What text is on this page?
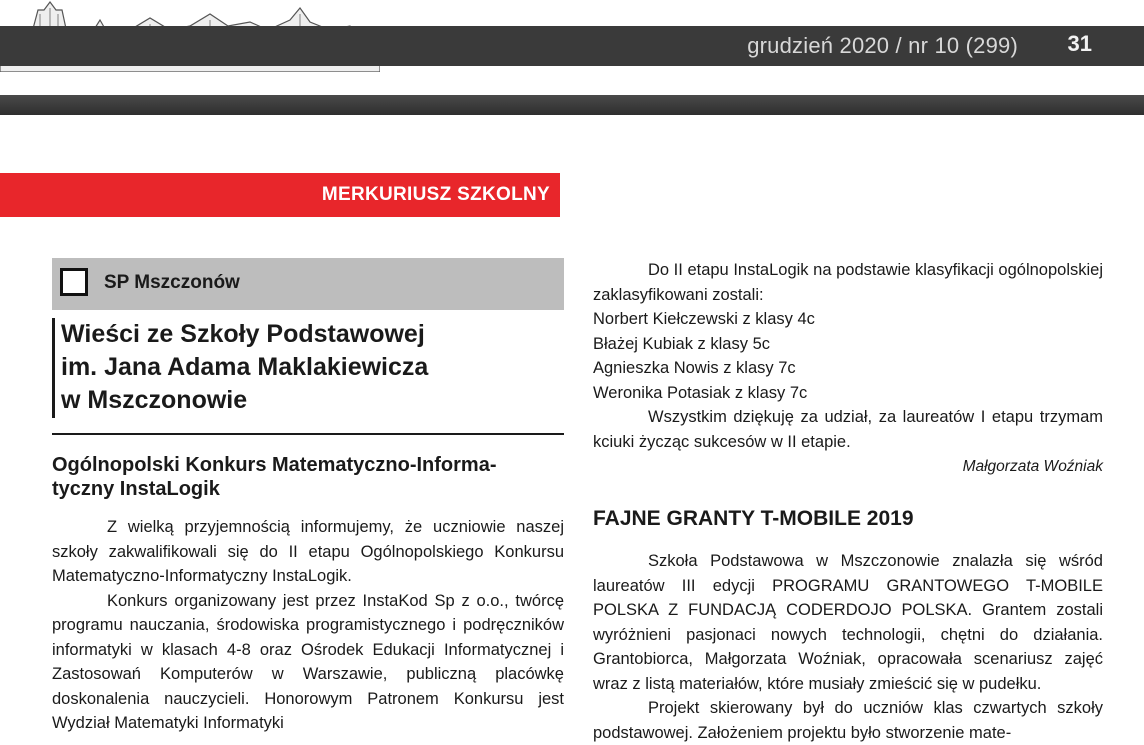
grudzień 2020 / nr 10 (299) 31
MERKURIUSZ SZKOLNY
SP Mszczonów
Wieści ze Szkoły Podstawowej
im. Jana Adama Maklakiewicza
w Mszczonowie
Ogólnopolski Konkurs Matematyczno-Informa-
tyczny InstaLogik

Z wielką przyjemnością informujemy, że uczniowie naszej szkoły zakwalifikowali się do II etapu Ogólnopolskiego Konkursu Matematyczno-Informatyczny InstaLogik.

Konkurs organizowany jest przez InstaKod Sp z o.o., twórcę programu nauczania, środowiska programistycznego i podręczników informatyki w klasach 4-8 oraz Ośrodek Edukacji Informatycznej i Zastosowań Komputerów w Warszawie, publiczną placówkę doskonalenia nauczycieli. Honorowym Patronem Konkursu jest Wydział Matematyki Informatyki

Do II etapu InstaLogik na podstawie klasyfikacji ogólnopolskiej zaklasyfikowani zostali:

Norbert Kiełczewski z klasy 4c
Błażej Kubiak z klasy 5c
Agnieszka Nowis z klasy 7c
Weronika Potasiak z klasy 7c

Wszystkim dziękuję za udział, za laureatów I etapu trzymam kciuki życząc sukcesów w II etapie.

Małgorzata Woźniak
FAJNE GRANTY T-MOBILE 2019

Szkoła Podstawowa w Mszczonowie znalazła się wśród laureatów III edycji PROGRAMU GRANTOWEGO T-MOBILE POLSKA Z FUNDACJĄ CODERDOJO POLSKA. Grantem zostali wyróżnieni pasjonaci nowych technologii, chętni do działania. Grantobiorca, Małgorzata Woźniak, opracowała scenariusz zajęć wraz z listą materiałów, które musiały zmieścić się w pudełku.

Projekt skierowany był do uczniów klas czwartych szkoły podstawowej. Założeniem projektu było stworzenie mate-
